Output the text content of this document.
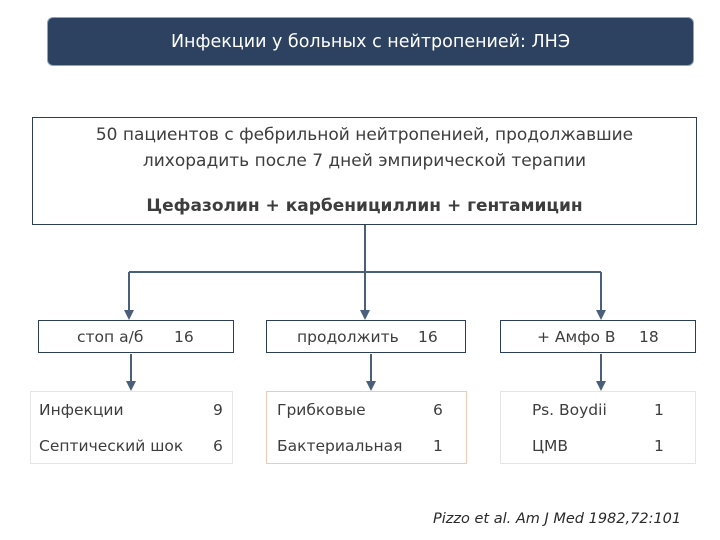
Инфекции у больных с нейтропенией: ЛНЭ
50 пациентов с фебрильной нейтропенией, продолжавшие
лихорадить после 7 дней эмпирической терапии
Цефазолин + карбенициллин + гентамицин
стоп а/б 16	продолжить 16	+ Амфо В 18
Инфекции	9
Септический шок 6
Грибковые	6
Бактериальная 1
Ps. Boydii	1
ЦМВ	1
Pizzo et al. Am J Med 1982,72:101
